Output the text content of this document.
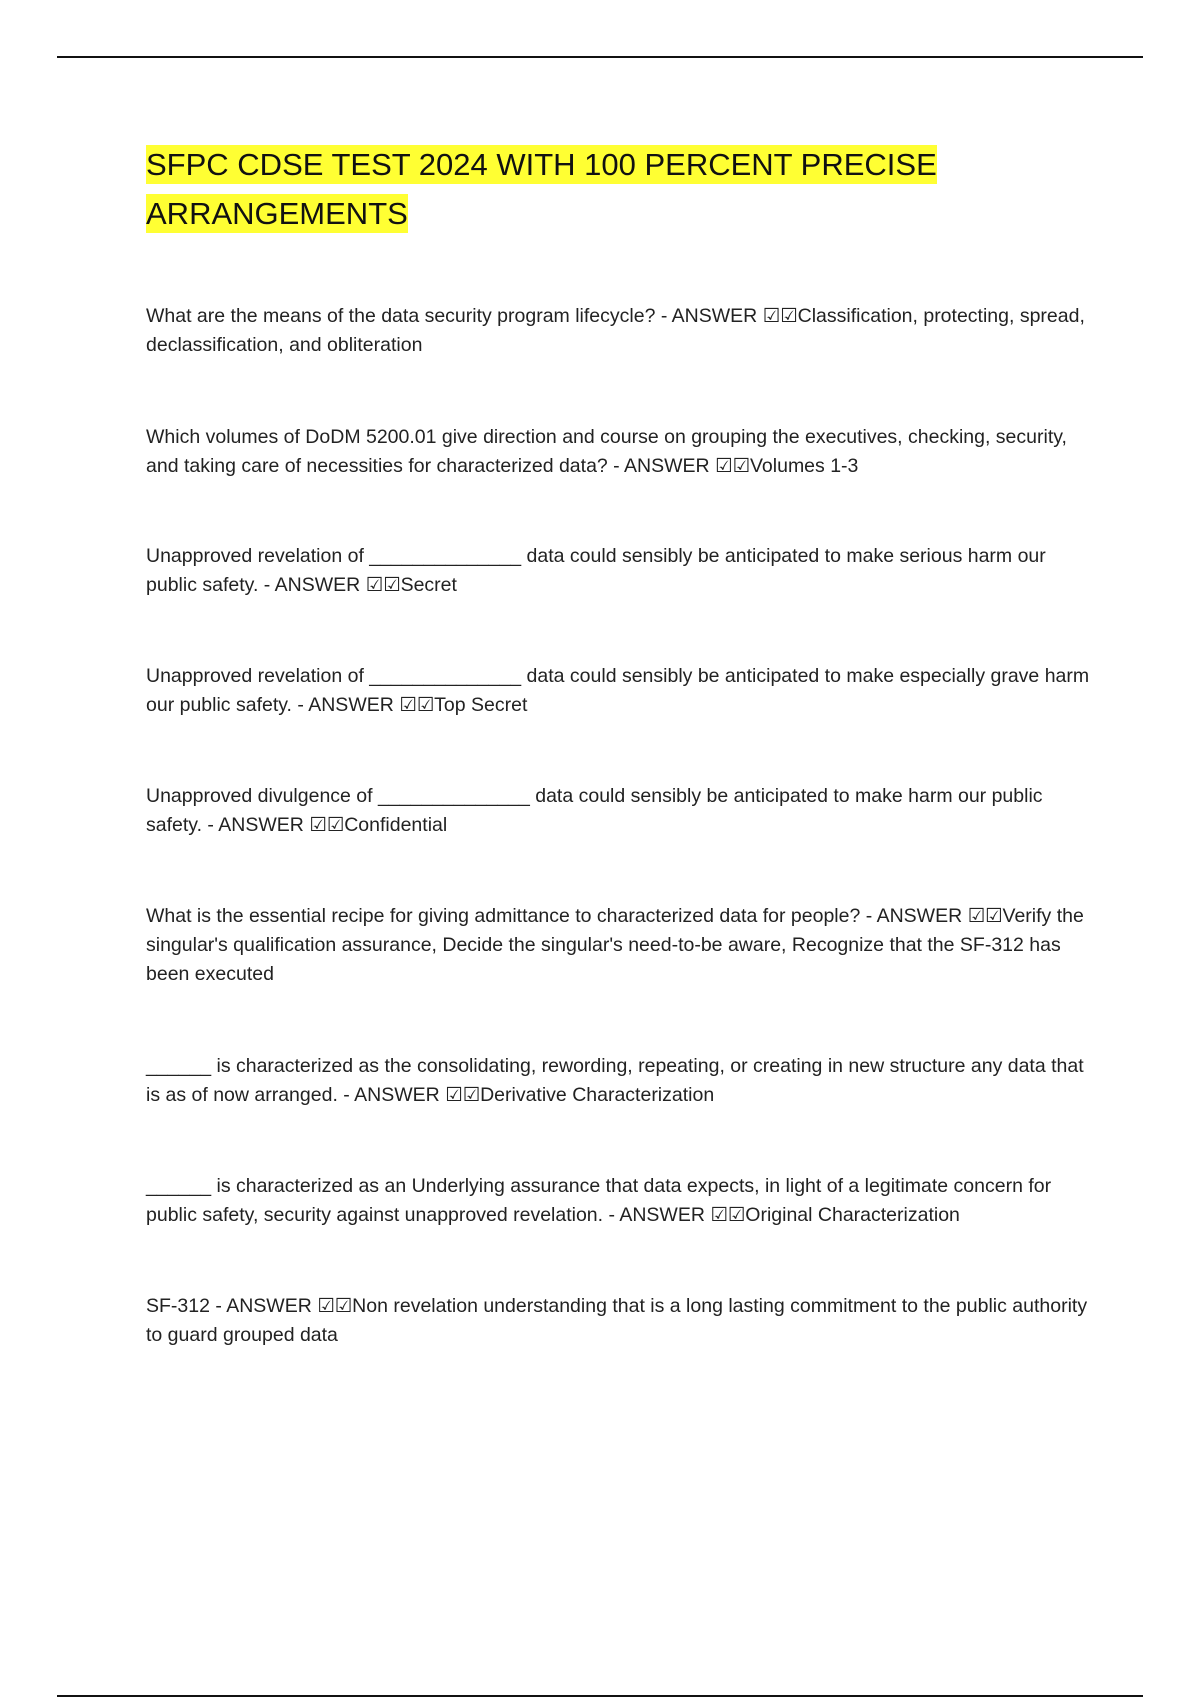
SFPC CDSE TEST 2024 WITH 100 PERCENT PRECISE
ARRANGEMENTS

What are the means of the data security program lifecycle? - ANSWER ☑☑Classification, protecting, spread, declassification, and obliteration

Which volumes of DoDM 5200.01 give direction and course on grouping the executives, checking, security, and taking care of necessities for characterized data? - ANSWER ☑☑Volumes 1-3

Unapproved revelation of ______________ data could sensibly be anticipated to make serious harm our public safety. - ANSWER ☑☑Secret

Unapproved revelation of ______________ data could sensibly be anticipated to make especially grave harm our public safety. - ANSWER ☑☑Top Secret

Unapproved divulgence of ______________ data could sensibly be anticipated to make harm our public safety. - ANSWER ☑☑Confidential

What is the essential recipe for giving admittance to characterized data for people? - ANSWER ☑☑Verify the singular's qualification assurance, Decide the singular's need-to-be aware, Recognize that the SF-312 has been executed

______ is characterized as the consolidating, rewording, repeating, or creating in new structure any data that is as of now arranged. - ANSWER ☑☑Derivative Characterization

______ is characterized as an Underlying assurance that data expects, in light of a legitimate concern for public safety, security against unapproved revelation. - ANSWER ☑☑Original Characterization

SF-312 - ANSWER ☑☑Non revelation understanding that is a long lasting commitment to the public authority to guard grouped data
